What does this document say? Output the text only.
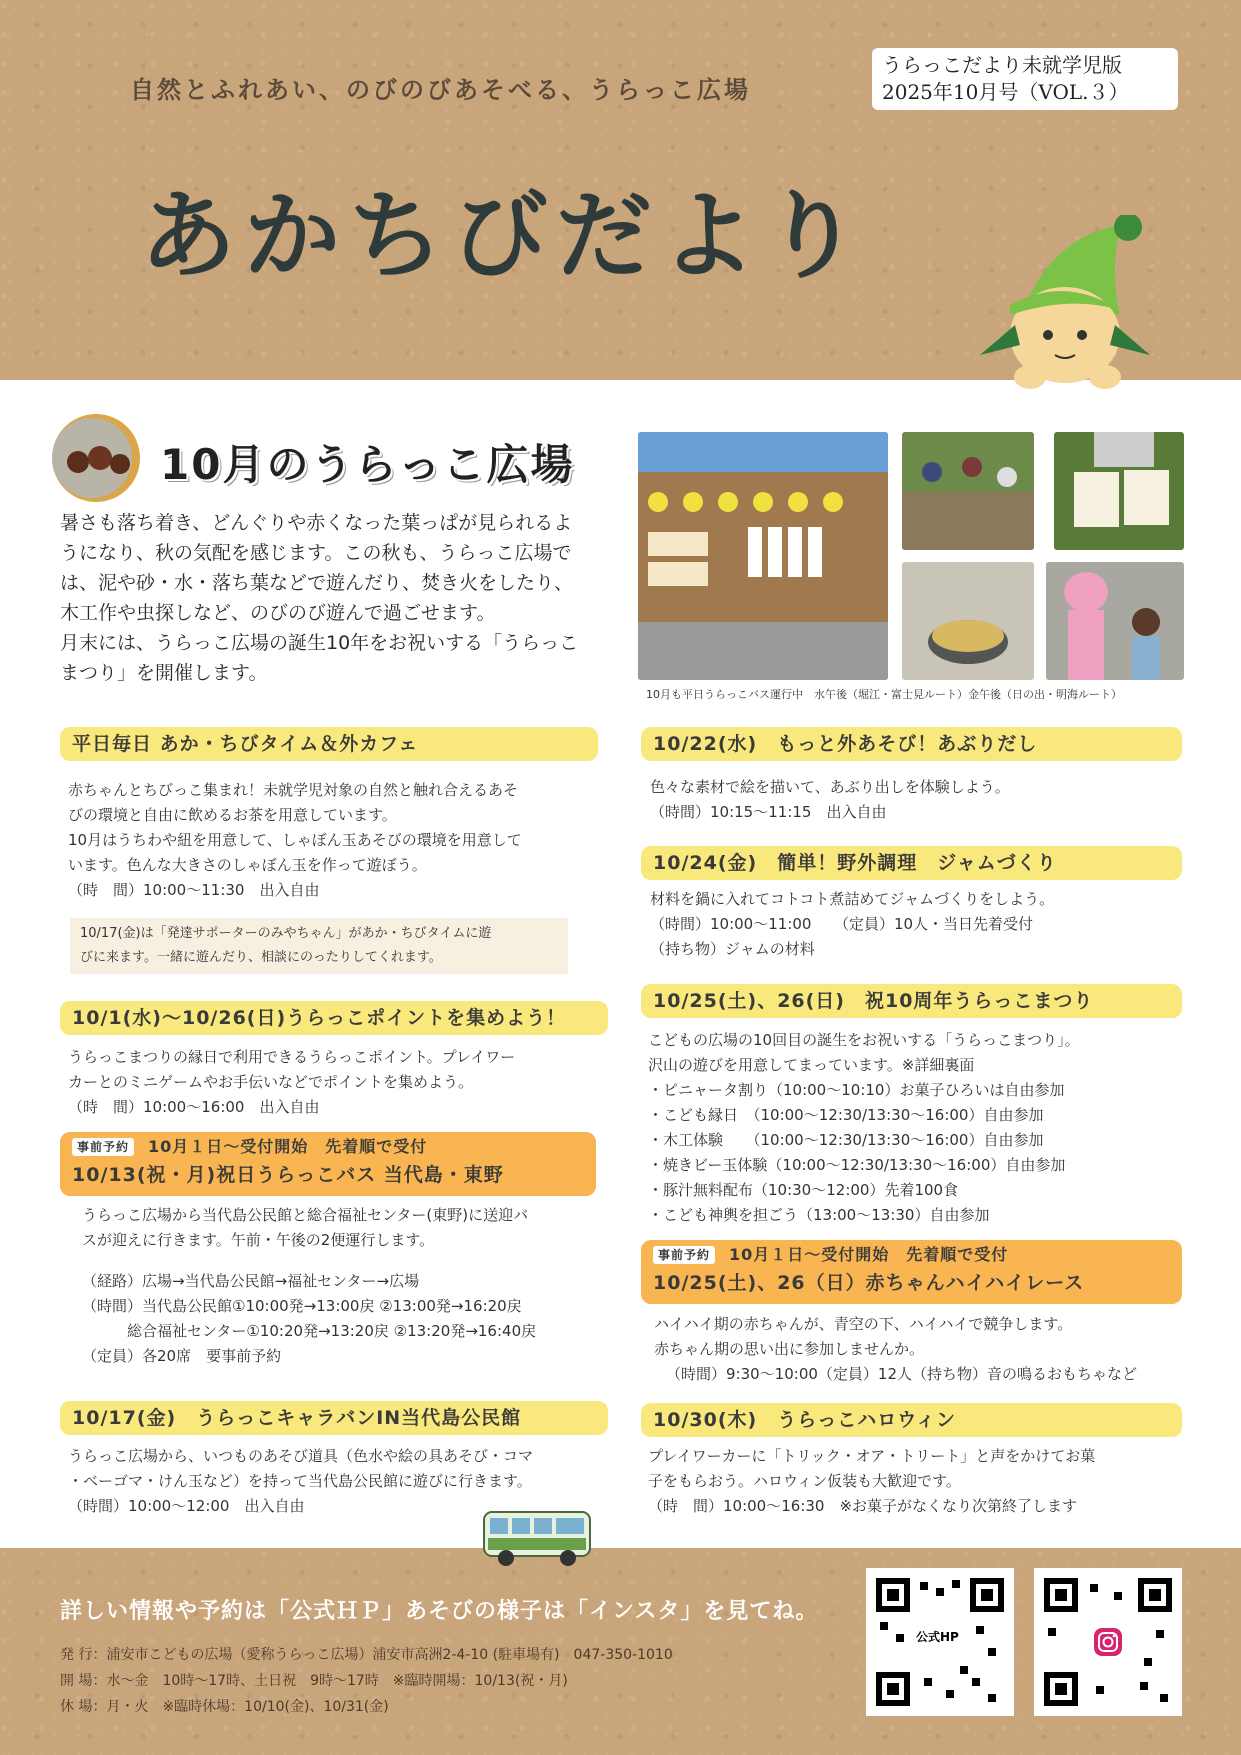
自然とふれあい、のびのびあそべる、うらっこ広場
うらっこだより未就学児版
2025年10月号（VOL.３）
あかちびだより
10月のうらっこ広場

暑さも落ち着き、どんぐりや赤くなった葉っぱが見られるよ

うになり、秋の気配を感じます。この秋も、うらっこ広場で

は、泥や砂・水・落ち葉などで遊んだり、焚き火をしたり、

木工作や虫探しなど、のびのび遊んで過ごせます。

月末には、うらっこ広場の誕生10年をお祝いする「うらっこ

まつり」を開催します。

10月も平日うらっこバス運行中　水午後（堀江・富士見ルート）金午後（日の出・明海ルート）
平日毎日 あか・ちびタイム＆外カフェ

赤ちゃんとちびっこ集まれ！未就学児対象の自然と触れ合えるあそ

びの環境と自由に飲めるお茶を用意しています。

10月はうちわや紐を用意して、しゃぼん玉あそびの環境を用意して

います。色んな大きさのしゃぼん玉を作って遊ぼう。

（時　間）10:00～11:30　出入自由

10/17(金)は「発達サポーターのみやちゃん」があか・ちびタイムに遊

びに来ます。一緒に遊んだり、相談にのったりしてくれます。

10/1(水)～10/26(日)うらっこポイントを集めよう！

うらっこまつりの縁日で利用できるうらっこポイント。プレイワー

カーとのミニゲームやお手伝いなどでポイントを集めよう。

（時　間）10:00～16:00　出入自由

事前予約	10月１日～受付開始　先着順で受付
10/13(祝・月)祝日うらっこバス 当代島・東野

うらっこ広場から当代島公民館と総合福祉センター(東野)に送迎バ

スが迎えに行きます。午前・午後の2便運行します。

（経路）広場→当代島公民館→福祉センター→広場

（時間）当代島公民館①10:00発→13:00戻 ②13:00発→16:20戻

　　　総合福祉センター①10:20発→13:20戻 ②13:20発→16:40戻

（定員）各20席　要事前予約

10/17(金)　うらっこキャラバンIN当代島公民館

うらっこ広場から、いつものあそび道具（色水や絵の具あそび・コマ

・ベーゴマ・けん玉など）を持って当代島公民館に遊びに行きます。

（時間）10:00～12:00　出入自由

10/22(水)　もっと外あそび！あぶりだし

色々な素材で絵を描いて、あぶり出しを体験しよう。

（時間）10:15～11:15　出入自由

10/24(金)　簡単！野外調理　ジャムづくり

材料を鍋に入れてコトコト煮詰めてジャムづくりをしよう。

（時間）10:00～11:00　　（定員）10人・当日先着受付

（持ち物）ジャムの材料

10/25(土)、26(日)　祝10周年うらっこまつり

こどもの広場の10回目の誕生をお祝いする「うらっこまつり」。

沢山の遊びを用意してまっています。※詳細裏面

・ピニャータ割り（10:00～10:10）お菓子ひろいは自由参加

・こども縁日　（10:00～12:30/13:30～16:00）自由参加

・木工体験　　（10:00～12:30/13:30～16:00）自由参加

・焼きビー玉体験（10:00～12:30/13:30～16:00）自由参加

・豚汁無料配布（10:30～12:00）先着100食

・こども神輿を担ごう（13:00～13:30）自由参加

事前予約	10月１日～受付開始　先着順で受付
10/25(土)、26（日）赤ちゃんハイハイレース

ハイハイ期の赤ちゃんが、青空の下、ハイハイで競争します。

赤ちゃん期の思い出に参加しませんか。

（時間）9:30～10:00（定員）12人（持ち物）音の鳴るおもちゃなど

10/30(木)　うらっこハロウィン

プレイワーカーに「トリック・オア・トリート」と声をかけてお菓

子をもらおう。ハロウィン仮装も大歓迎です。

（時　間）10:00～16:30　※お菓子がなくなり次第終了します

詳しい情報や予約は「公式ＨＰ」あそびの様子は「インスタ」を見てね。
発 行：浦安市こどもの広場（愛称うらっこ広場）浦安市高洲2-4-10 (駐車場有)　047-350-1010
開 場：水～金　10時～17時、土日祝　9時～17時　※臨時開場：10/13(祝・月)
休 場：月・火　※臨時休場：10/10(金)、10/31(金)
公式HP
